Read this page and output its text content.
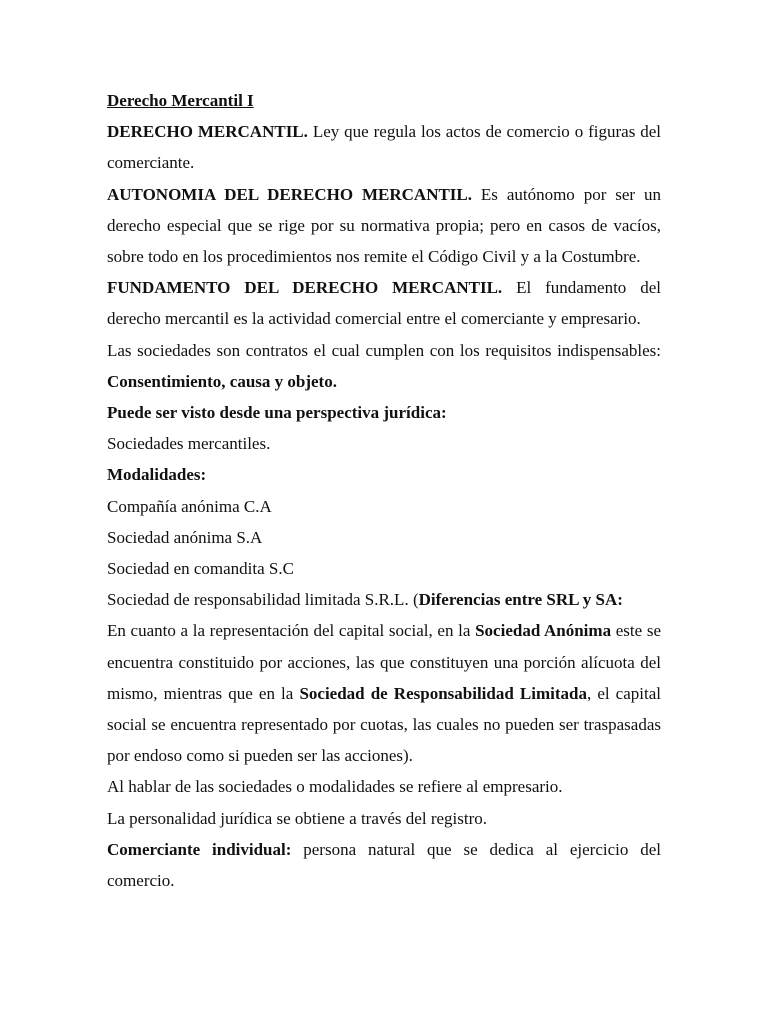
Derecho Mercantil I

DERECHO MERCANTIL. Ley que regula los actos de comercio o figuras del comerciante.

AUTONOMIA DEL DERECHO MERCANTIL. Es autónomo por ser un derecho especial que se rige por su normativa propia; pero en casos de vacíos, sobre todo en los procedimientos nos remite el Código Civil y a la Costumbre.

FUNDAMENTO DEL DERECHO MERCANTIL. El fundamento del derecho mercantil es la actividad comercial entre el comerciante y empresario.

Las sociedades son contratos el cual cumplen con los requisitos indispensables: Consentimiento, causa y objeto.

Puede ser visto desde una perspectiva jurídica:

Sociedades mercantiles.

Modalidades:

Compañía anónima C.A

Sociedad anónima S.A

Sociedad en comandita S.C

Sociedad de responsabilidad limitada S.R.L. (Diferencias entre SRL y SA:

En cuanto a la representación del capital social, en la Sociedad Anónima este se encuentra constituido por acciones, las que constituyen una porción alícuota del mismo, mientras que en la Sociedad de Responsabilidad Limitada, el capital social se encuentra representado por cuotas, las cuales no pueden ser traspasadas por endoso como si pueden ser las acciones).

Al hablar de las sociedades o modalidades se refiere al empresario.

La personalidad jurídica se obtiene a través del registro.

Comerciante individual: persona natural que se dedica al ejercicio del comercio.
